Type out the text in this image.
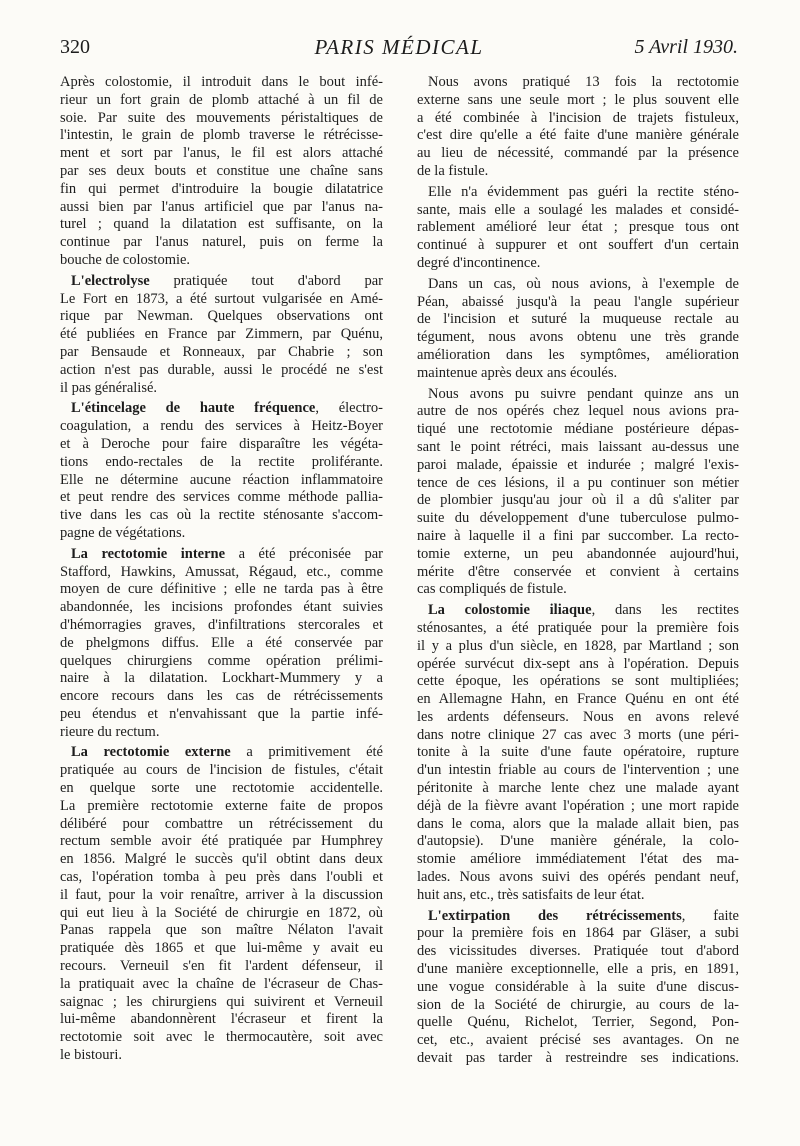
320	PARIS MÉDICAL	5 Avril 1930.
Après colostomie, il introduit dans le bout infé-
rieur un fort grain de plomb attaché à un fil de
soie. Par suite des mouvements péristaltiques de
l'intestin, le grain de plomb traverse le rétrécisse-
ment et sort par l'anus, le fil est alors attaché
par ses deux bouts et constitue une chaîne sans
fin qui permet d'introduire la bougie dilatatrice
aussi bien par l'anus artificiel que par l'anus na-
turel ; quand la dilatation est suffisante, on la
continue par l'anus naturel, puis on ferme la
bouche de colostomie.
L'electrolyse pratiquée tout d'abord par
Le Fort en 1873, a été surtout vulgarisée en Amé-
rique par Newman. Quelques observations ont
été publiées en France par Zimmern, par Quénu,
par Bensaude et Ronneaux, par Chabrie ; son
action n'est pas durable, aussi le procédé ne s'est
il pas généralisé.
L'étincelage de haute fréquence, électro-
coagulation, a rendu des services à Heitz-Boyer
et à Deroche pour faire disparaître les végéta-
tions endo-rectales de la rectite proliférante.
Elle ne détermine aucune réaction inflammatoire
et peut rendre des services comme méthode pallia-
tive dans les cas où la rectite sténosante s'accom-
pagne de végétations.
La rectotomie interne a été préconisée par
Stafford, Hawkins, Amussat, Régaud, etc., comme
moyen de cure définitive ; elle ne tarda pas à être
abandonnée, les incisions profondes étant suivies
d'hémorragies graves, d'infiltrations stercorales et
de phelgmons diffus. Elle a été conservée par
quelques chirurgiens comme opération prélimi-
naire à la dilatation. Lockhart-Mummery y a
encore recours dans les cas de rétrécissements
peu étendus et n'envahissant que la partie infé-
rieure du rectum.
La rectotomie externe a primitivement été
pratiquée au cours de l'incision de fistules, c'était
en quelque sorte une rectotomie accidentelle.
La première rectotomie externe faite de propos
délibéré pour combattre un rétrécissement du
rectum semble avoir été pratiquée par Humphrey
en 1856. Malgré le succès qu'il obtint dans deux
cas, l'opération tomba à peu près dans l'oubli et
il faut, pour la voir renaître, arriver à la discussion
qui eut lieu à la Société de chirurgie en 1872, où
Panas rappela que son maître Nélaton l'avait
pratiquée dès 1865 et que lui-même y avait eu
recours. Verneuil s'en fit l'ardent défenseur, il
la pratiquait avec la chaîne de l'écraseur de Chas-
saignac ; les chirurgiens qui suivirent et Verneuil
lui-même abandonnèrent l'écraseur et firent la
rectotomie soit avec le thermocautère, soit avec
le bistouri.
Nous avons pratiqué 13 fois la rectotomie
externe sans une seule mort ; le plus souvent elle
a été combinée à l'incision de trajets fistuleux,
c'est dire qu'elle a été faite d'une manière générale
au lieu de nécessité, commandé par la présence
de la fistule.
Elle n'a évidemment pas guéri la rectite sténo-
sante, mais elle a soulagé les malades et considé-
rablement amélioré leur état ; presque tous ont
continué à suppurer et ont souffert d'un certain
degré d'incontinence.
Dans un cas, où nous avions, à l'exemple de
Péan, abaissé jusqu'à la peau l'angle supérieur
de l'incision et suturé la muqueuse rectale au
tégument, nous avons obtenu une très grande
amélioration dans les symptômes, amélioration
maintenue après deux ans écoulés.
Nous avons pu suivre pendant quinze ans un
autre de nos opérés chez lequel nous avions pra-
tiqué une rectotomie médiane postérieure dépas-
sant le point rétréci, mais laissant au-dessus une
paroi malade, épaissie et indurée ; malgré l'exis-
tence de ces lésions, il a pu continuer son métier
de plombier jusqu'au jour où il a dû s'aliter par
suite du développement d'une tuberculose pulmo-
naire à laquelle il a fini par succomber. La recto-
tomie externe, un peu abandonnée aujourd'hui,
mérite d'être conservée et convient à certains
cas compliqués de fistule.
La colostomie iliaque, dans les rectites
sténosantes, a été pratiquée pour la première fois
il y a plus d'un siècle, en 1828, par Martland ; son
opérée survécut dix-sept ans à l'opération. Depuis
cette époque, les opérations se sont multipliées;
en Allemagne Hahn, en France Quénu en ont été
les ardents défenseurs. Nous en avons relevé
dans notre clinique 27 cas avec 3 morts (une péri-
tonite à la suite d'une faute opératoire, rupture
d'un intestin friable au cours de l'intervention ; une
péritonite à marche lente chez une malade ayant
déjà de la fièvre avant l'opération ; une mort rapide
dans le coma, alors que la malade allait bien, pas
d'autopsie). D'une manière générale, la colo-
stomie améliore immédiatement l'état des ma-
lades. Nous avons suivi des opérés pendant neuf,
huit ans, etc., très satisfaits de leur état.
L'extirpation des rétrécissements, faite
pour la première fois en 1864 par Gläser, a subi
des vicissitudes diverses. Pratiquée tout d'abord
d'une manière exceptionnelle, elle a pris, en 1891,
une vogue considérable à la suite d'une discus-
sion de la Société de chirurgie, au cours de la-
quelle Quénu, Richelot, Terrier, Segond, Pon-
cet, etc., avaient précisé ses avantages. On ne
devait pas tarder à restreindre ses indications.
